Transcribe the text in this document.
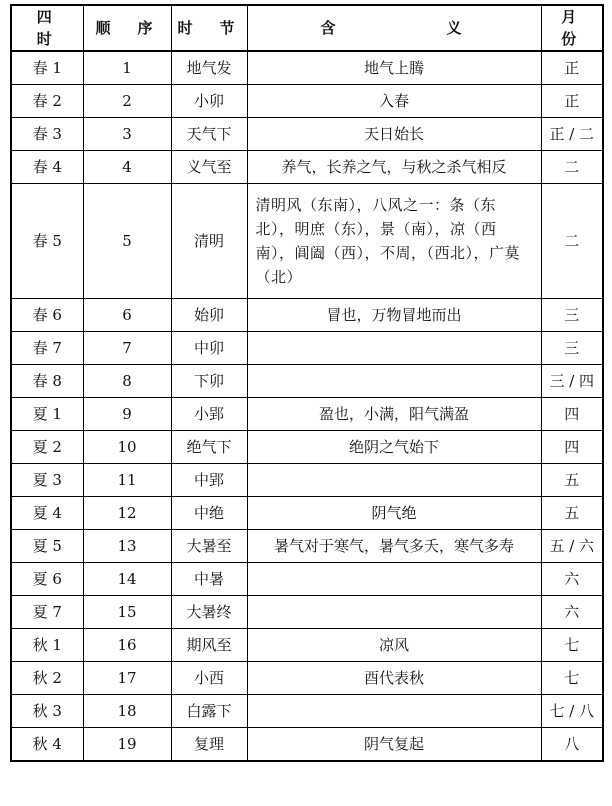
四　时	顺　序	时　节	含　　　　　义	月　份
春 1	1	地气发	地气上腾	正
春 2	2	小卯	入春	正
春 3	3	天气下	天日始长	正 / 二
春 4	4	义气至	养气，长养之气，与秋之杀气相反	二
春 5	5	清明	清明风（东南），八风之一：条（东北），明庶（东），景（南），凉（西南），阊阖（西），不周，（西北），广莫（北）	二
春 6	6	始卯	冒也，万物冒地而出	三
春 7	7	中卯		三
春 8	8	下卯		三 / 四
夏 1	9	小郢	盈也，小满，阳气满盈	四
夏 2	10	绝气下	绝阴之气始下	四
夏 3	11	中郢		五
夏 4	12	中绝	阴气绝	五
夏 5	13	大暑至	暑气对于寒气，暑气多夭，寒气多寿	五 / 六
夏 6	14	中暑		六
夏 7	15	大暑终		六
秋 1	16	期风至	凉风	七
秋 2	17	小西	酉代表秋	七
秋 3	18	白露下		七 / 八
秋 4	19	复理	阴气复起	八
